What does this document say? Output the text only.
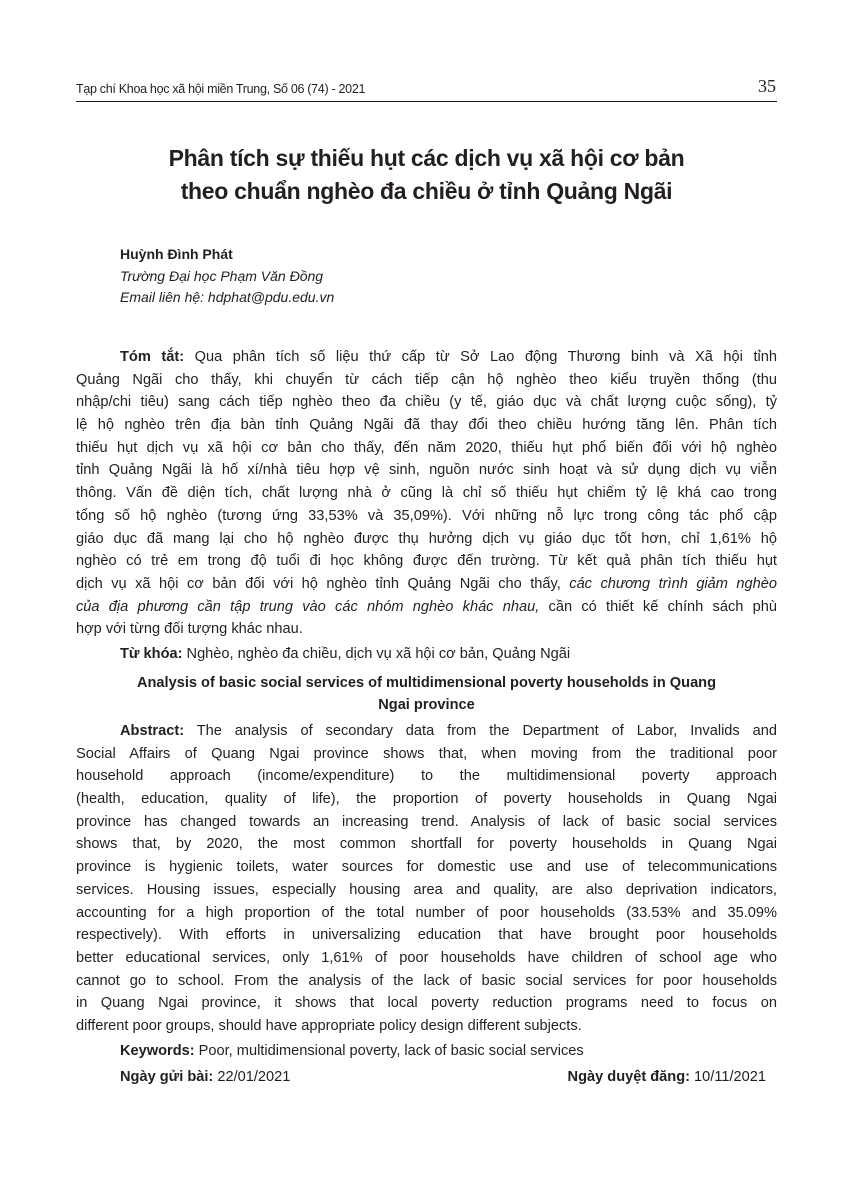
Tạp chí Khoa học xã hội miền Trung, Số 06 (74) - 2021	35
Phân tích sự thiếu hụt các dịch vụ xã hội cơ bản
theo chuẩn nghèo đa chiều ở tỉnh Quảng Ngãi
Huỳnh Đình Phát
Trường Đại học Phạm Văn Đồng
Email liên hệ: hdphat@pdu.edu.vn
Tóm tắt: Qua phân tích số liệu thứ cấp từ Sở Lao động Thương binh và Xã hội tỉnh
Quảng Ngãi cho thấy, khi chuyển từ cách tiếp cận hộ nghèo theo kiểu truyền thống (thu
nhập/chi tiêu) sang cách tiếp nghèo theo đa chiều (y tế, giáo dục và chất lượng cuộc sống), tỷ
lệ hộ nghèo trên địa bàn tỉnh Quảng Ngãi đã thay đổi theo chiều hướng tăng lên. Phân tích
thiếu hụt dịch vụ xã hội cơ bản cho thấy, đến năm 2020, thiếu hụt phổ biến đối với hộ nghèo
tỉnh Quảng Ngãi là hố xí/nhà tiêu hợp vệ sinh, nguồn nước sinh hoạt và sử dụng dịch vụ viễn
thông. Vấn đề diện tích, chất lượng nhà ở cũng là chỉ số thiếu hụt chiếm tỷ lệ khá cao trong
tổng số hộ nghèo (tương ứng 33,53% và 35,09%). Với những nỗ lực trong công tác phổ cập
giáo dục đã mang lại cho hộ nghèo được thụ hưởng dịch vụ giáo dục tốt hơn, chỉ 1,61% hộ
nghèo có trẻ em trong độ tuổi đi học không được đến trường. Từ kết quả phân tích thiếu hụt
dịch vụ xã hội cơ bản đối với hộ nghèo tỉnh Quảng Ngãi cho thấy, các chương trình giảm nghèo
của địa phương cần tập trung vào các nhóm nghèo khác nhau, cần có thiết kế chính sách phù
hợp với từng đối tượng khác nhau.
Từ khóa: Nghèo, nghèo đa chiều, dịch vụ xã hội cơ bản, Quảng Ngãi
Analysis of basic social services of multidimensional poverty households in Quang
Ngai province
Abstract: The analysis of secondary data from the Department of Labor, Invalids and
Social Affairs of Quang Ngai province shows that, when moving from the traditional poor
household approach (income/expenditure) to the multidimensional poverty approach
(health, education, quality of life), the proportion of poverty households in Quang Ngai
province has changed towards an increasing trend. Analysis of lack of basic social services
shows that, by 2020, the most common shortfall for poverty households in Quang Ngai
province is hygienic toilets, water sources for domestic use and use of telecommunications
services. Housing issues, especially housing area and quality, are also deprivation indicators,
accounting for a high proportion of the total number of poor households (33.53% and 35.09%
respectively). With efforts in universalizing education that have brought poor households
better educational services, only 1,61% of poor households have children of school age who
cannot go to school. From the analysis of the lack of basic social services for poor households
in Quang Ngai province, it shows that local poverty reduction programs need to focus on
different poor groups, should have appropriate policy design different subjects.
Keywords: Poor, multidimensional poverty, lack of basic social services
Ngày gửi bài: 22/01/2021	Ngày duyệt đăng: 10/11/2021
